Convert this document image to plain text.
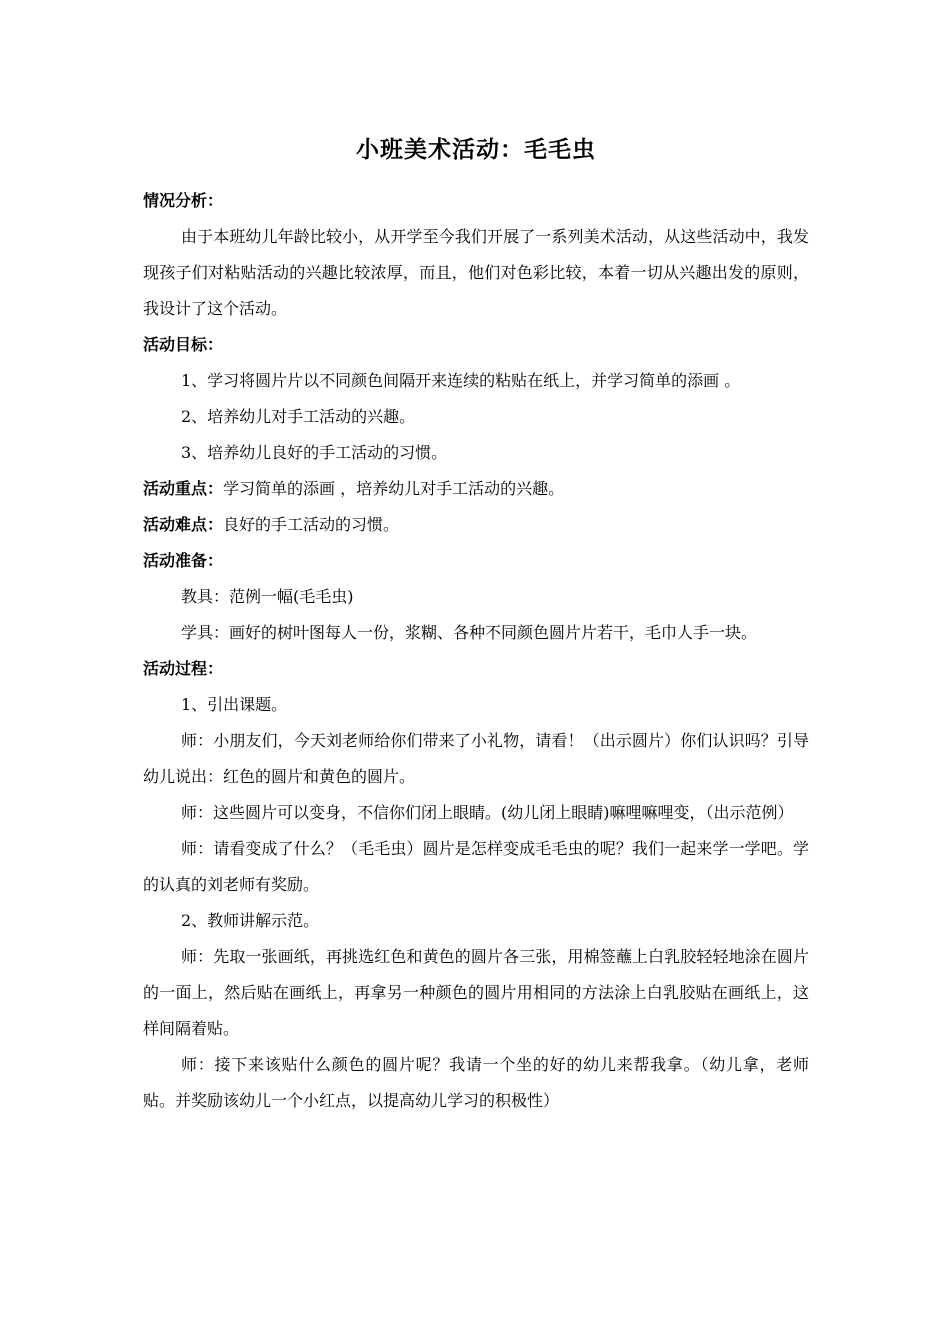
小班美术活动：毛毛虫

情况分析：

由于本班幼儿年龄比较小，从开学至今我们开展了一系列美术活动，从这些活动中，我发现孩子们对粘贴活动的兴趣比较浓厚，而且，他们对色彩比较，本着一切从兴趣出发的原则，我设计了这个活动。

活动目标：

1、学习将圆片片以不同颜色间隔开来连续的粘贴在纸上，并学习简单的添画 。

2、培养幼儿对手工活动的兴趣。

3、培养幼儿良好的手工活动的习惯。

活动重点：学习简单的添画 ，培养幼儿对手工活动的兴趣。

活动难点：良好的手工活动的习惯。

活动准备：

教具：范例一幅(毛毛虫)

学具：画好的树叶图每人一份，浆糊、各种不同颜色圆片片若干，毛巾人手一块。

活动过程：

1、引出课题。

师：小朋友们，今天刘老师给你们带来了小礼物，请看！（出示圆片）你们认识吗？引导幼儿说出：红色的圆片和黄色的圆片。

师：这些圆片可以变身，不信你们闭上眼睛。(幼儿闭上眼睛)嘛哩嘛哩变，（出示范例）

师：请看变成了什么？（毛毛虫）圆片是怎样变成毛毛虫的呢？我们一起来学一学吧。学的认真的刘老师有奖励。

2、教师讲解示范。

师：先取一张画纸，再挑选红色和黄色的圆片各三张，用棉签蘸上白乳胶轻轻地涂在圆片的一面上，然后贴在画纸上，再拿另一种颜色的圆片用相同的方法涂上白乳胶贴在画纸上，这样间隔着贴。

师：接下来该贴什么颜色的圆片呢？我请一个坐的好的幼儿来帮我拿。（幼儿拿，老师贴。并奖励该幼儿一个小红点，以提高幼儿学习的积极性）
